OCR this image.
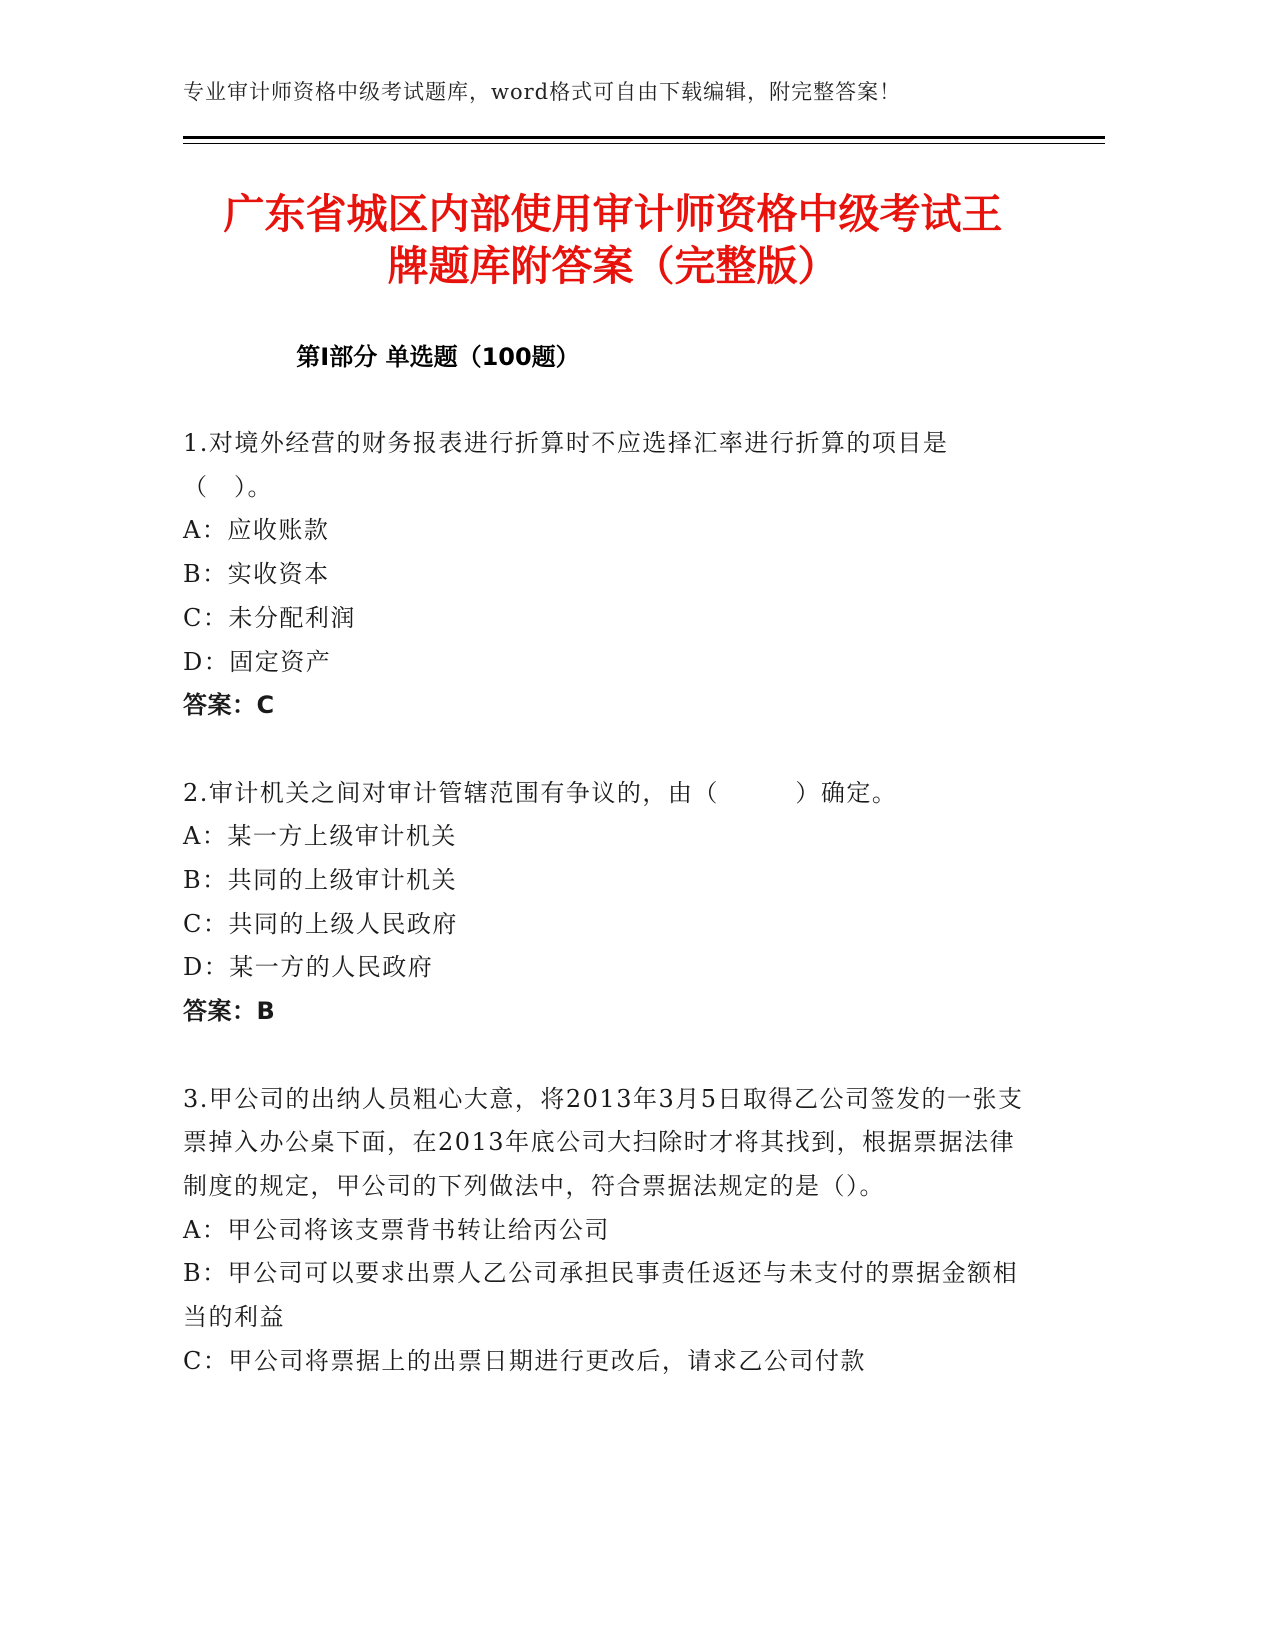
专业审计师资格中级考试题库，word格式可自由下载编辑，附完整答案！
广东省城区内部使用审计师资格中级考试王
牌题库附答案（完整版）
第Ⅰ部分 单选题（100题）
1.对境外经营的财务报表进行折算时不应选择汇率进行折算的项目是（　）。
A：应收账款
B：实收资本
C：未分配利润
D：固定资产
答案：C
2.审计机关之间对审计管辖范围有争议的，由（　　　）确定。
A：某一方上级审计机关
B：共同的上级审计机关
C：共同的上级人民政府
D：某一方的人民政府
答案：B
3.甲公司的出纳人员粗心大意，将2013年3月5日取得乙公司签发的一张支票掉入办公桌下面，在2013年底公司大扫除时才将其找到，根据票据法律制度的规定，甲公司的下列做法中，符合票据法规定的是（）。
A：甲公司将该支票背书转让给丙公司
B：甲公司可以要求出票人乙公司承担民事责任返还与未支付的票据金额相当的利益
C：甲公司将票据上的出票日期进行更改后，请求乙公司付款
